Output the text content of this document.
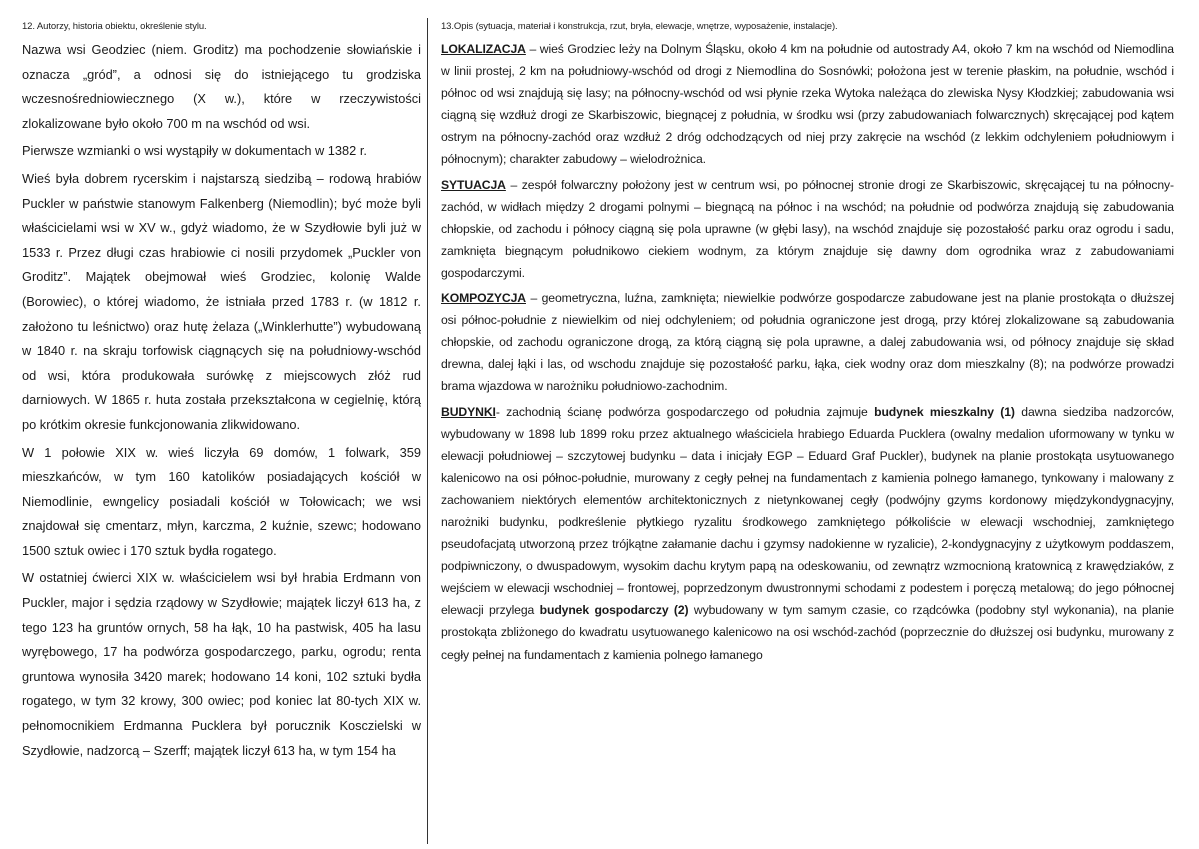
12. Autorzy, historia obiektu, określenie stylu.

Nazwa wsi Geodziec (niem. Groditz) ma pochodzenie słowiańskie i oznacza „gród”, a odnosi się do istniejącego tu grodziska wczesnośredniowiecznego (X w.), które w rzeczywistości zlokalizowane było około 700 m na wschód od wsi.

Pierwsze wzmianki o wsi wystąpiły w dokumentach w 1382 r.

Wieś była dobrem rycerskim i najstarszą siedzibą – rodową hrabiów Puckler w państwie stanowym Falkenberg (Niemodlin); być może byli właścicielami wsi w XV w., gdyż wiadomo, że w Szydłowie byli już w 1533 r. Przez długi czas hrabiowie ci nosili przydomek „Puckler von Groditz”. Majątek obejmował wieś Grodziec, kolonię Walde (Borowiec), o której wiadomo, że istniała przed 1783 r. (w 1812 r. założono tu leśnictwo) oraz hutę żelaza („Winklerhutte”) wybudowaną w 1840 r. na skraju torfowisk ciągnących się na południowy-wschód od wsi, która produkowała surówkę z miejscowych złóż rud darniowych. W 1865 r. huta została przekształcona w cegielnię, którą po krótkim okresie funkcjonowania zlikwidowano.

W 1 połowie XIX w. wieś liczyła 69 domów, 1 folwark, 359 mieszkańców, w tym 160 katolików posiadających kościół w Niemodlinie, ewngelicy posiadali kościół w Tołowicach; we wsi znajdował się cmentarz, młyn, karczma, 2 kuźnie, szewc; hodowano 1500 sztuk owiec i 170 sztuk bydła rogatego.

W ostatniej ćwierci XIX w. właścicielem wsi był hrabia Erdmann von Puckler, major i sędzia rządowy w Szydłowie; majątek liczył 613 ha, z tego 123 ha gruntów ornych, 58 ha łąk, 10 ha pastwisk, 405 ha lasu wyrębowego, 17 ha podwórza gospodarczego, parku, ogrodu; renta gruntowa wynosiła 3420 marek; hodowano 14 koni, 102 sztuki bydła rogatego, w tym 32 krowy, 300 owiec; pod koniec lat 80-tych XIX w. pełnomocnikiem Erdmanna Pucklera był porucznik Kosczielski w Szydłowie, nadzorcą – Szerff; majątek liczył 613 ha, w tym 154 ha

13.Opis (sytuacja, materiał i konstrukcja, rzut, bryła, elewacje, wnętrze, wyposażenie, instalacje).

LOKALIZACJA – wieś Grodziec leży na Dolnym Śląsku, około 4 km na południe od autostrady A4, około 7 km na wschód od Niemodlina w linii prostej, 2 km na południowy-wschód od drogi z Niemodlina do Sosnówki; położona jest w terenie płaskim, na południe, wschód i północ od wsi znajdują się lasy; na północny-wschód od wsi płynie rzeka Wytoka należąca do zlewiska Nysy Kłodzkiej; zabudowania wsi ciągną się wzdłuż drogi ze Skarbiszowic, biegnącej z południa, w środku wsi (przy zabudowaniach folwarcznych) skręcającej pod kątem ostrym na północny-zachód oraz wzdłuż 2 dróg odchodzących od niej przy zakręcie na wschód (z lekkim odchyleniem południowym i północnym); charakter zabudowy – wielodrożnica.

SYTUACJA – zespół folwarczny położony jest w centrum wsi, po północnej stronie drogi ze Skarbiszowic, skręcającej tu na północny-zachód, w widłach między 2 drogami polnymi – biegnącą na północ i na wschód; na południe od podwórza znajdują się zabudowania chłopskie, od zachodu i północy ciągną się pola uprawne (w głębi lasy), na wschód znajduje się pozostałość parku oraz ogrodu i sadu, zamknięta biegnącym południkowo ciekiem wodnym, za którym znajduje się dawny dom ogrodnika wraz z zabudowaniami gospodarczymi.

KOMPOZYCJA – geometryczna, luźna, zamknięta; niewielkie podwórze gospodarcze zabudowane jest na planie prostokąta o dłuższej osi północ-południe z niewielkim od niej odchyleniem; od południa ograniczone jest drogą, przy której zlokalizowane są zabudowania chłopskie, od zachodu ograniczone drogą, za którą ciągną się pola uprawne, a dalej zabudowania wsi, od północy znajduje się skład drewna, dalej łąki i las, od wschodu znajduje się pozostałość parku, łąka, ciek wodny oraz dom mieszkalny (8); na podwórze prowadzi brama wjazdowa w narożniku południowo-zachodnim.

BUDYNKI- zachodnią ścianę podwórza gospodarczego od południa zajmuje budynek mieszkalny (1) dawna siedziba nadzorców, wybudowany w 1898 lub 1899 roku przez aktualnego właściciela hrabiego Eduarda Pucklera (owalny medalion uformowany w tynku w elewacji południowej – szczytowej budynku – data i inicjały EGP – Eduard Graf Puckler), budynek na planie prostokąta usytuowanego kalenicowo na osi północ-południe, murowany z cegły pełnej na fundamentach z kamienia polnego łamanego, tynkowany i malowany z zachowaniem niektórych elementów architektonicznych z nietynkowanej cegły (podwójny gzyms kordonowy międzykondygnacyjny, narożniki budynku, podkreślenie płytkiego ryzalitu środkowego zamkniętego półkoliście w elewacji wschodniej, zamkniętego pseudofacjatą utworzoną przez trójkątne załamanie dachu i gzymsy nadokienne w ryzalicie), 2-kondygnacyjny z użytkowym poddaszem, podpiwniczony, o dwuspadowym, wysokim dachu krytym papą na odeskowaniu, od zewnątrz wzmocnioną kratownicą z krawędziaków, z wejściem w elewacji wschodniej – frontowej, poprzedzonym dwustronnymi schodami z podestem i poręczą metalową; do jego północnej elewacji przylega budynek gospodarczy (2) wybudowany w tym samym czasie, co rządcówka (podobny styl wykonania), na planie prostokąta zbliżonego do kwadratu usytuowanego kalenicowo na osi wschód-zachód (poprzecznie do dłuższej osi budynku, murowany z cegły pełnej na fundamentach z kamienia polnego łamanego
